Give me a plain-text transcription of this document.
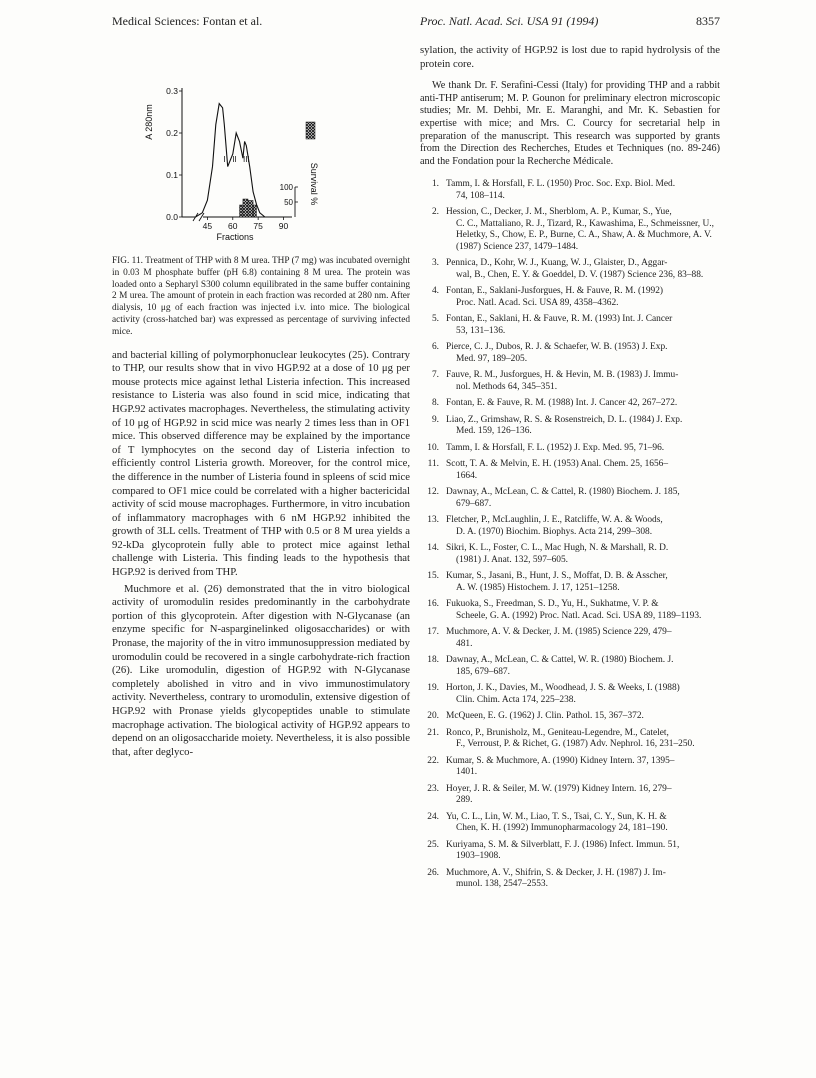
Medical Sciences: Fontan et al.	Proc. Natl. Acad. Sci. USA 91 (1994)	8357
0.0
0.1
0.2
0.3
45 60 75 90
A 280nm
Fractions
I II III
50
100 Survival %

FIG. 11. Treatment of THP with 8 M urea. THP (7 mg) was incubated overnight in 0.03 M phosphate buffer (pH 6.8) containing 8 M urea. The protein was loaded onto a Sepharyl S300 column equilibrated in the same buffer containing 2 M urea. The amount of protein in each fraction was recorded at 280 nm. After dialysis, 10 μg of each fraction was injected i.v. into mice. The biological activity (cross-hatched bar) was expressed as percentage of surviving infected mice.

and bacterial killing of polymorphonuclear leukocytes (25). Contrary to THP, our results show that in vivo HGP.92 at a dose of 10 μg per mouse protects mice against lethal Listeria infection. This increased resistance to Listeria was also found in scid mice, indicating that HGP.92 activates macrophages. Nevertheless, the stimulating activity of 10 μg of HGP.92 in scid mice was nearly 2 times less than in OF1 mice. This observed difference may be explained by the importance of T lymphocytes on the second day of Listeria infection to efficiently control Listeria growth. Moreover, for the control mice, the difference in the number of Listeria found in spleens of scid mice compared to OF1 mice could be correlated with a higher bactericidal activity of scid mouse macrophages. Furthermore, in vitro incubation of inflammatory macrophages with 6 nM HGP.92 inhibited the growth of 3LL cells. Treatment of THP with 0.5 or 8 M urea yields a 92-kDa glycoprotein fully able to protect mice against lethal challenge with Listeria. This finding leads to the hypothesis that HGP.92 is derived from THP.

Muchmore et al. (26) demonstrated that the in vitro biological activity of uromodulin resides predominantly in the carbohydrate portion of this glycoprotein. After digestion with N-Glycanase (an enzyme specific for N-asparginelinked oligosaccharides) or with Pronase, the majority of the in vitro immunosuppression mediated by uromodulin could be recovered in a single carbohydrate-rich fraction (26). Like uromodulin, digestion of HGP.92 with N-Glycanase completely abolished in vitro and in vivo immunostimulatory activity. Nevertheless, contrary to uromodulin, extensive digestion of HGP.92 with Pronase yields glycopeptides unable to stimulate macrophage activation. The biological activity of HGP.92 appears to depend on an oligosaccharide moiety. Nevertheless, it is also possible that, after deglyco-

sylation, the activity of HGP.92 is lost due to rapid hydrolysis of the protein core.

We thank Dr. F. Serafini-Cessi (Italy) for providing THP and a rabbit anti-THP antiserum; M. P. Gounon for preliminary electron microscopic studies; Mr. M. Dehbi, Mr. E. Maranghi, and Mr. K. Sebastien for expertise with mice; and Mrs. C. Courcy for secretarial help in preparation of the manuscript. This research was supported by grants from the Direction des Recherches, Etudes et Techniques (no. 89-246) and the Fondation pour la Recherche Médicale.

1. Tamm, I. & Horsfall, F. L. (1950) Proc. Soc. Exp. Biol. Med.
74, 108–114.
2. Hession, C., Decker, J. M., Sherblom, A. P., Kumar, S., Yue,
C. C., Mattaliano, R. J., Tizard, R., Kawashima, E., Schmeissner, U., Heletky, S., Chow, E. P., Burne, C. A., Shaw, A. & Muchmore, A. V. (1987) Science 237, 1479–1484.
3. Pennica, D., Kohr, W. J., Kuang, W. J., Glaister, D., Aggar-
wal, B., Chen, E. Y. & Goeddel, D. V. (1987) Science 236, 83–88.
4. Fontan, E., Saklani-Jusforgues, H. & Fauve, R. M. (1992)
Proc. Natl. Acad. Sci. USA 89, 4358–4362.
5. Fontan, E., Saklani, H. & Fauve, R. M. (1993) Int. J. Cancer
53, 131–136.
6. Pierce, C. J., Dubos, R. J. & Schaefer, W. B. (1953) J. Exp.
Med. 97, 189–205.
7. Fauve, R. M., Jusforgues, H. & Hevin, M. B. (1983) J. Immu-
nol. Methods 64, 345–351.
8. Fontan, E. & Fauve, R. M. (1988) Int. J. Cancer 42, 267–272.
9. Liao, Z., Grimshaw, R. S. & Rosenstreich, D. L. (1984) J. Exp.
Med. 159, 126–136.
10. Tamm, I. & Horsfall, F. L. (1952) J. Exp. Med. 95, 71–96.
11. Scott, T. A. & Melvin, E. H. (1953) Anal. Chem. 25, 1656–
1664.
12. Dawnay, A., McLean, C. & Cattel, R. (1980) Biochem. J. 185,
679–687.
13. Fletcher, P., McLaughlin, J. E., Ratcliffe, W. A. & Woods,
D. A. (1970) Biochim. Biophys. Acta 214, 299–308.
14. Sikri, K. L., Foster, C. L., Mac Hugh, N. & Marshall, R. D.
(1981) J. Anat. 132, 597–605.
15. Kumar, S., Jasani, B., Hunt, J. S., Moffat, D. B. & Asscher,
A. W. (1985) Histochem. J. 17, 1251–1258.
16. Fukuoka, S., Freedman, S. D., Yu, H., Sukhatme, V. P. &
Scheele, G. A. (1992) Proc. Natl. Acad. Sci. USA 89, 1189–1193.
17. Muchmore, A. V. & Decker, J. M. (1985) Science 229, 479–
481.
18. Dawnay, A., McLean, C. & Cattel, W. R. (1980) Biochem. J.
185, 679–687.
19. Horton, J. K., Davies, M., Woodhead, J. S. & Weeks, I. (1988)
Clin. Chim. Acta 174, 225–238.
20. McQueen, E. G. (1962) J. Clin. Pathol. 15, 367–372.
21. Ronco, P., Brunisholz, M., Geniteau-Legendre, M., Catelet,
F., Verroust, P. & Richet, G. (1987) Adv. Nephrol. 16, 231–250.
22. Kumar, S. & Muchmore, A. (1990) Kidney Intern. 37, 1395–
1401.
23. Hoyer, J. R. & Seiler, M. W. (1979) Kidney Intern. 16, 279–
289.
24. Yu, C. L., Lin, W. M., Liao, T. S., Tsai, C. Y., Sun, K. H. &
Chen, K. H. (1992) Immunopharmacology 24, 181–190.
25. Kuriyama, S. M. & Silverblatt, F. J. (1986) Infect. Immun. 51,
1903–1908.
26. Muchmore, A. V., Shifrin, S. & Decker, J. H. (1987) J. Im-
munol. 138, 2547–2553.
